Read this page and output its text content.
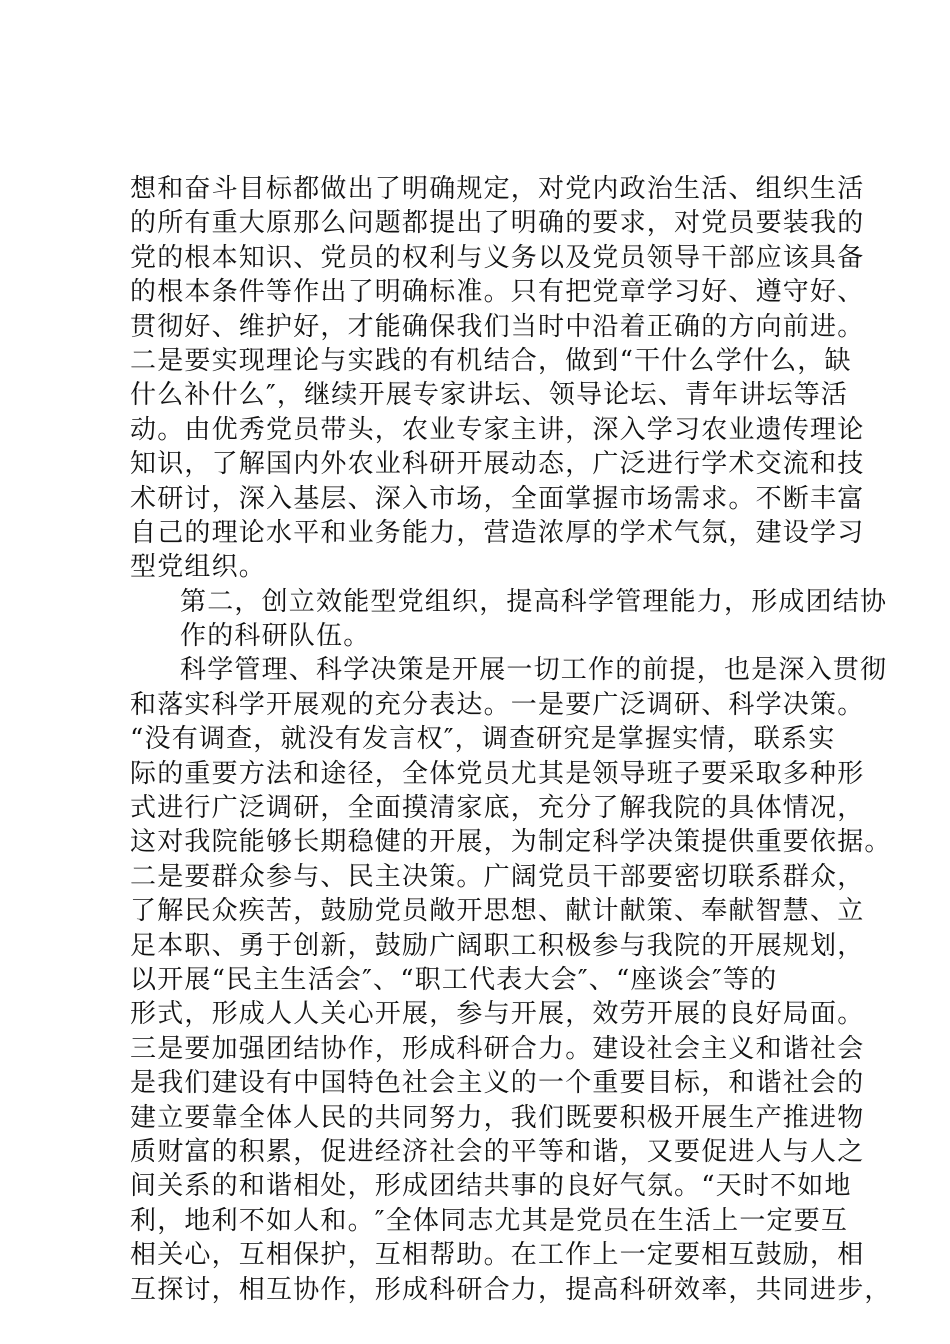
想和奋斗目标都做出了明确规定，对党内政治生活、组织生活
的所有重大原那么问题都提出了明确的要求，对党员要装我的
党的根本知识、党员的权利与义务以及党员领导干部应该具备
的根本条件等作出了明确标准。只有把党章学习好、遵守好、
贯彻好、维护好，才能确保我们当时中沿着正确的方向前进。
二是要实现理论与实践的有机结合，做到“干什么学什么，缺
什么补什么″，继续开展专家讲坛、领导论坛、青年讲坛等活
动。由优秀党员带头，农业专家主讲，深入学习农业遗传理论
知识，了解国内外农业科研开展动态，广泛进行学术交流和技
术研讨，深入基层、深入市场，全面掌握市场需求。不断丰富
自己的理论水平和业务能力，营造浓厚的学术气氛，建设学习
型党组织。
第二，创立效能型党组织，提高科学管理能力，形成团结协
作的科研队伍。
科学管理、科学决策是开展一切工作的前提，也是深入贯彻
和落实科学开展观的充分表达。一是要广泛调研、科学决策。
“没有调查，就没有发言权″，调查研究是掌握实情，联系实
际的重要方法和途径，全体党员尤其是领导班子要采取多种形
式进行广泛调研，全面摸清家底，充分了解我院的具体情况，
这对我院能够长期稳健的开展，为制定科学决策提供重要依据。
二是要群众参与、民主决策。广阔党员干部要密切联系群众，
了解民众疾苦，鼓励党员敞开思想、献计献策、奉献智慧、立
足本职、勇于创新，鼓励广阔职工积极参与我院的开展规划，
以开展“民主生活会″、“职工代表大会″、“座谈会″等的
形式，形成人人关心开展，参与开展，效劳开展的良好局面。
三是要加强团结协作，形成科研合力。建设社会主义和谐社会
是我们建设有中国特色社会主义的一个重要目标，和谐社会的
建立要靠全体人民的共同努力，我们既要积极开展生产推进物
质财富的积累，促进经济社会的平等和谐，又要促进人与人之
间关系的和谐相处，形成团结共事的良好气氛。“天时不如地
利，地利不如人和。″全体同志尤其是党员在生活上一定要互
相关心，互相保护，互相帮助。在工作上一定要相互鼓励，相
互探讨，相互协作，形成科研合力，提高科研效率，共同进步，
